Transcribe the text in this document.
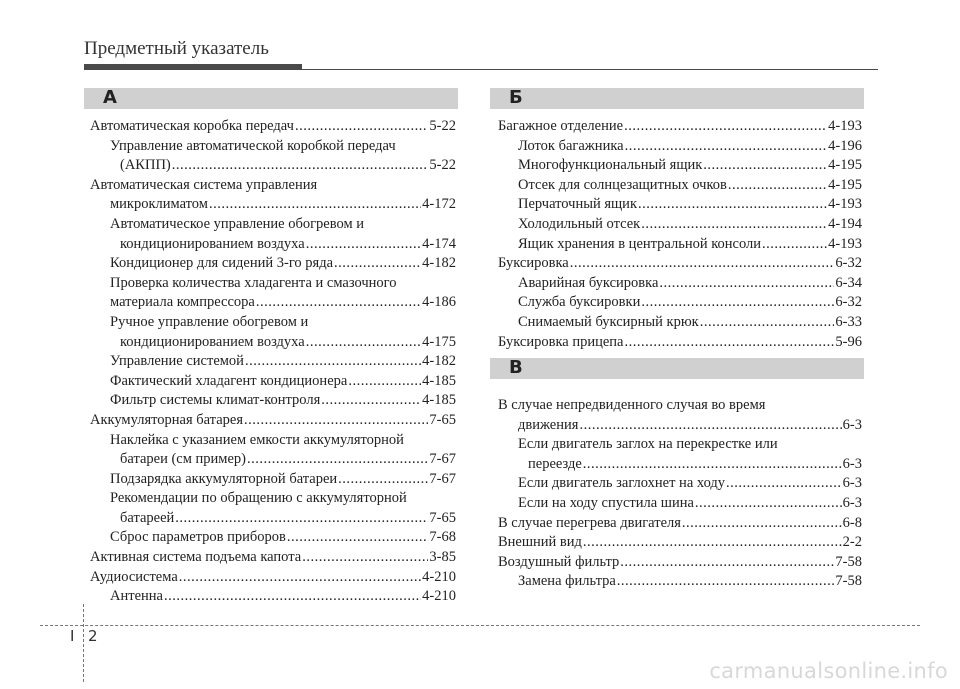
Предметный указатель
А	Б
В
Автоматическая коробка передач .....	5-22
Управление автоматической коробкой передач
(АКПП) .....	5-22
Автоматическая система управления
микроклиматом .....	4-172
Автоматическое управление обогревом и
кондиционированием воздуха .....	4-174
Кондиционер для сидений 3-го ряда .....	4-182
Проверка количества хладагента и смазочного
материала компрессора .....	4-186
Ручное управление обогревом и
кондиционированием воздуха .....	4-175
Управление системой .....	4-182
Фактический хладагент кондиционера .....	4-185
Фильтр системы климат-контроля .....	4-185
Аккумуляторная батарея .....	7-65
Наклейка с указанием емкости аккумуляторной
батареи (см пример) .....	7-67
Подзарядка аккумуляторной батареи .....	7-67
Рекомендации по обращению с аккумуляторной
батареей .....	7-65
Сброс параметров приборов .....	7-68
Активная система подъема капота .....	3-85
Аудиосистема .....	4-210
Антенна .....	4-210
Багажное отделение .....	4-193
Лоток багажника .....	4-196
Многофункциональный ящик .....	4-195
Отсек для солнцезащитных очков .....	4-195
Перчаточный ящик .....	4-193
Холодильный отсек .....	4-194
Ящик хранения в центральной консоли .....	4-193
Буксировка .....	6-32
Аварийная буксировка .....	6-34
Служба буксировки .....	6-32
Снимаемый буксирный крюк .....	6-33
Буксировка прицепа .....	5-96
В случае непредвиденного случая во время
движения .....	6-3
Если двигатель заглох на перекрестке или
переезде .....	6-3
Если двигатель заглохнет на ходу .....	6-3
Если на ходу спустила шина .....	6-3
В случае перегрева двигателя .....	6-8
Внешний вид .....	2-2
Воздушный фильтр .....	7-58
Замена фильтра .....	7-58
I 2
carmanualsonline.info
